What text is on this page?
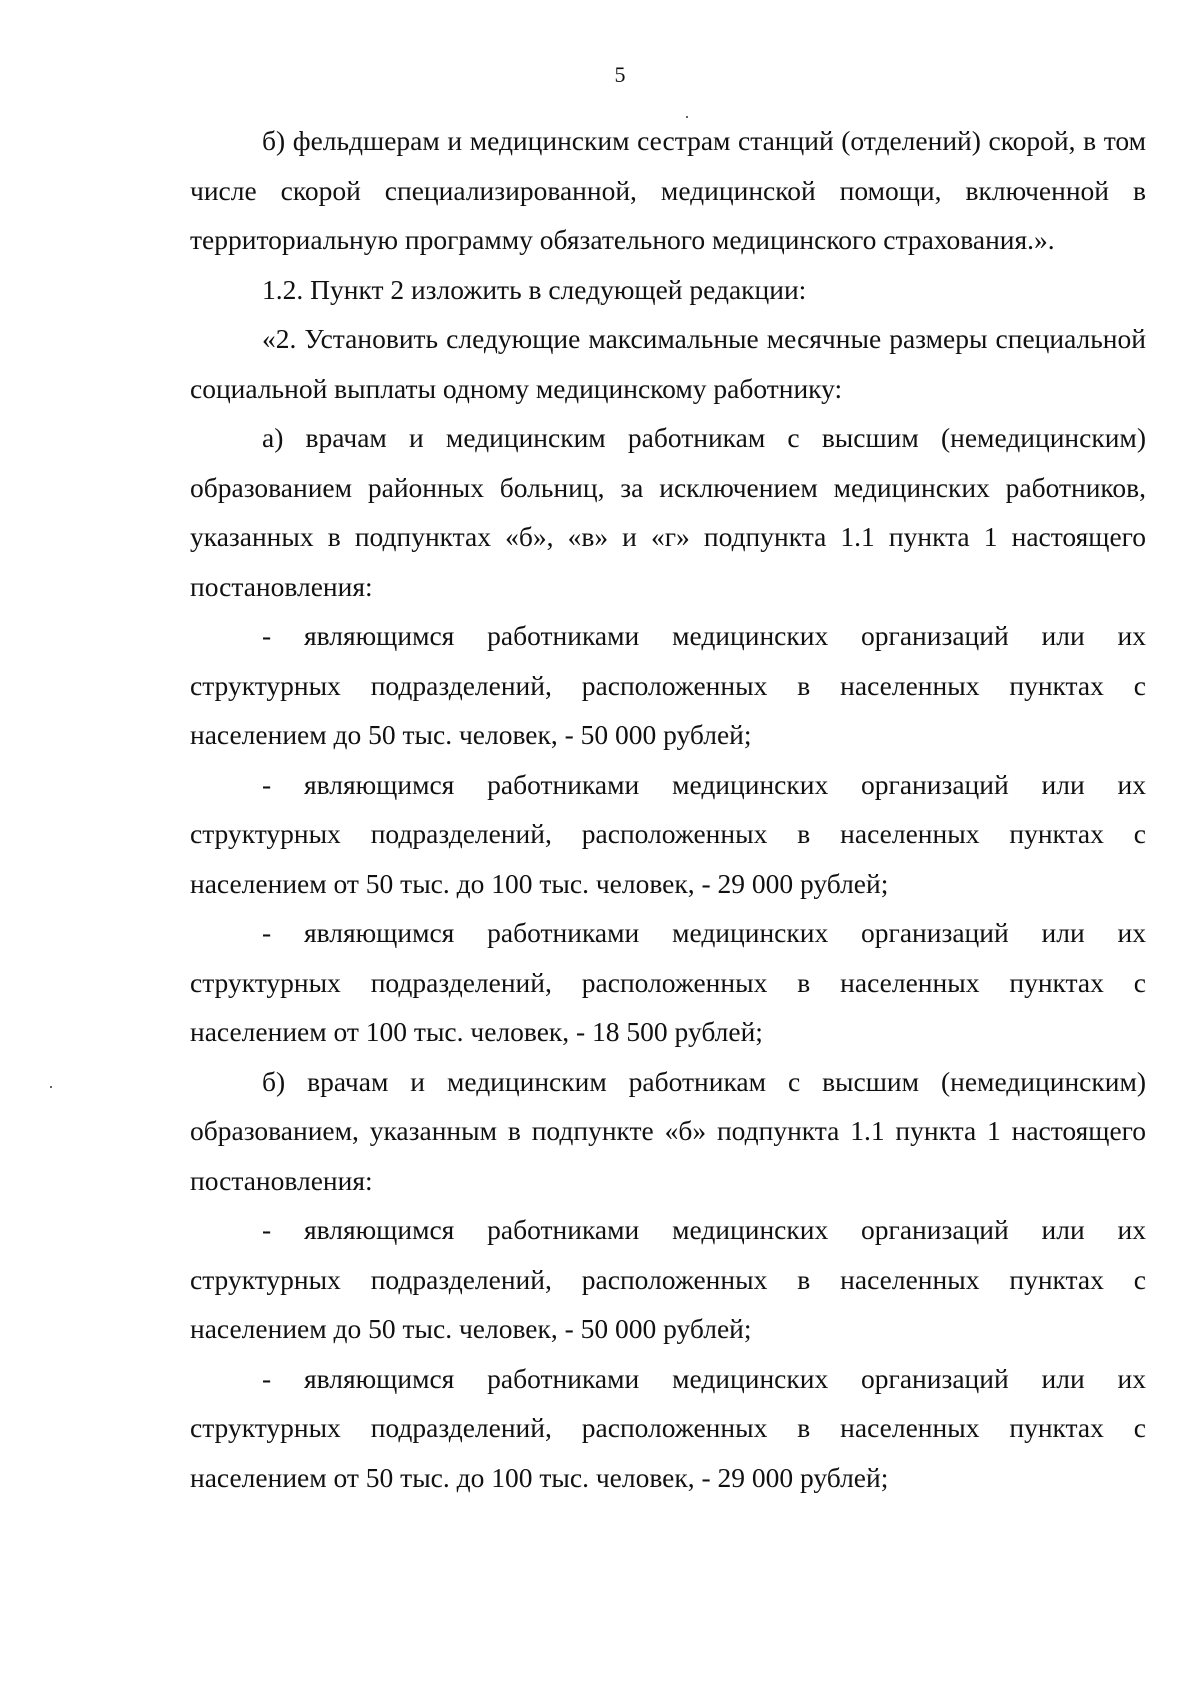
5

б) фельдшерам и медицинским сестрам станций (отделений) скорой, в том числе скорой специализированной, медицинской помощи, включенной в территориальную программу обязательного медицинского страхования.».

1.2. Пункт 2 изложить в следующей редакции:

«2. Установить следующие максимальные месячные размеры специальной социальной выплаты одному медицинскому работнику:

а) врачам и медицинским работникам с высшим (немедицинским) образованием районных больниц, за исключением медицинских работников, указанных в подпунктах «б», «в» и «г» подпункта 1.1 пункта 1 настоящего постановления:

- являющимся работниками медицинских организаций или их структурных подразделений, расположенных в населенных пунктах с населением до 50 тыс. человек, - 50 000 рублей;

- являющимся работниками медицинских организаций или их структурных подразделений, расположенных в населенных пунктах с населением от 50 тыс. до 100 тыс. человек, - 29 000 рублей;

- являющимся работниками медицинских организаций или их структурных подразделений, расположенных в населенных пунктах с населением от 100 тыс. человек, - 18 500 рублей;

б) врачам и медицинским работникам с высшим (немедицинским) образованием, указанным в подпункте «б» подпункта 1.1 пункта 1 настоящего постановления:

- являющимся работниками медицинских организаций или их структурных подразделений, расположенных в населенных пунктах с населением до 50 тыс. человек, - 50 000 рублей;

- являющимся работниками медицинских организаций или их структурных подразделений, расположенных в населенных пунктах с населением от 50 тыс. до 100 тыс. человек, - 29 000 рублей;
